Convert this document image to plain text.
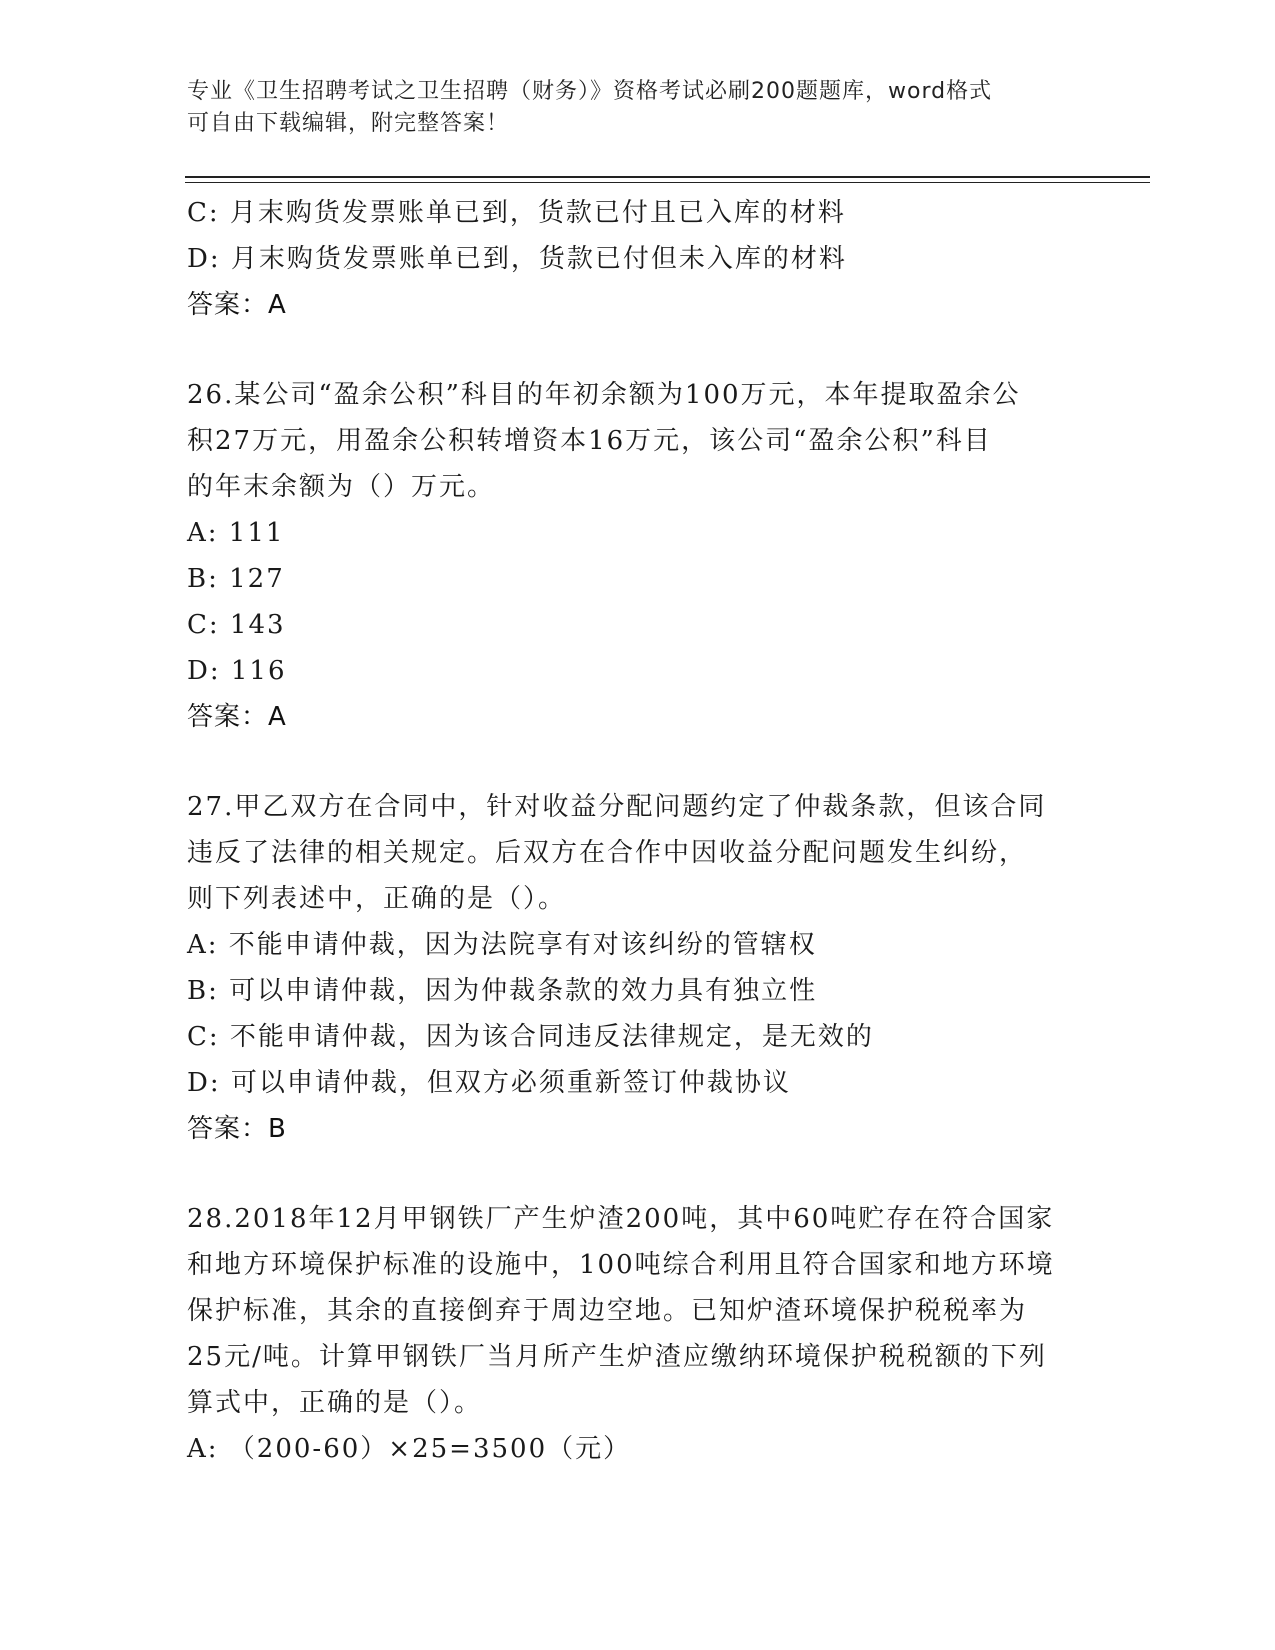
专业《卫生招聘考试之卫生招聘（财务）》资格考试必刷200题题库，word格式
可自由下载编辑，附完整答案！
C: 月末购货发票账单已到，货款已付且已入库的材料
D: 月末购货发票账单已到，货款已付但未入库的材料
答案：A
26.某公司“盈余公积”科目的年初余额为100万元，本年提取盈余公
积27万元，用盈余公积转增资本16万元，该公司“盈余公积”科目
的年末余额为（）万元。
A: 111
B: 127
C: 143
D: 116
答案：A
27.甲乙双方在合同中，针对收益分配问题约定了仲裁条款，但该合同
违反了法律的相关规定。后双方在合作中因收益分配问题发生纠纷，
则下列表述中，正确的是（）。
A: 不能申请仲裁，因为法院享有对该纠纷的管辖权
B: 可以申请仲裁，因为仲裁条款的效力具有独立性
C: 不能申请仲裁，因为该合同违反法律规定，是无效的
D: 可以申请仲裁，但双方必须重新签订仲裁协议
答案：B
28.2018年12月甲钢铁厂产生炉渣200吨，其中60吨贮存在符合国家
和地方环境保护标准的设施中，100吨综合利用且符合国家和地方环境
保护标准，其余的直接倒弃于周边空地。已知炉渣环境保护税税率为
25元/吨。计算甲钢铁厂当月所产生炉渣应缴纳环境保护税税额的下列
算式中，正确的是（）。
A: （200-60）×25=3500（元）
